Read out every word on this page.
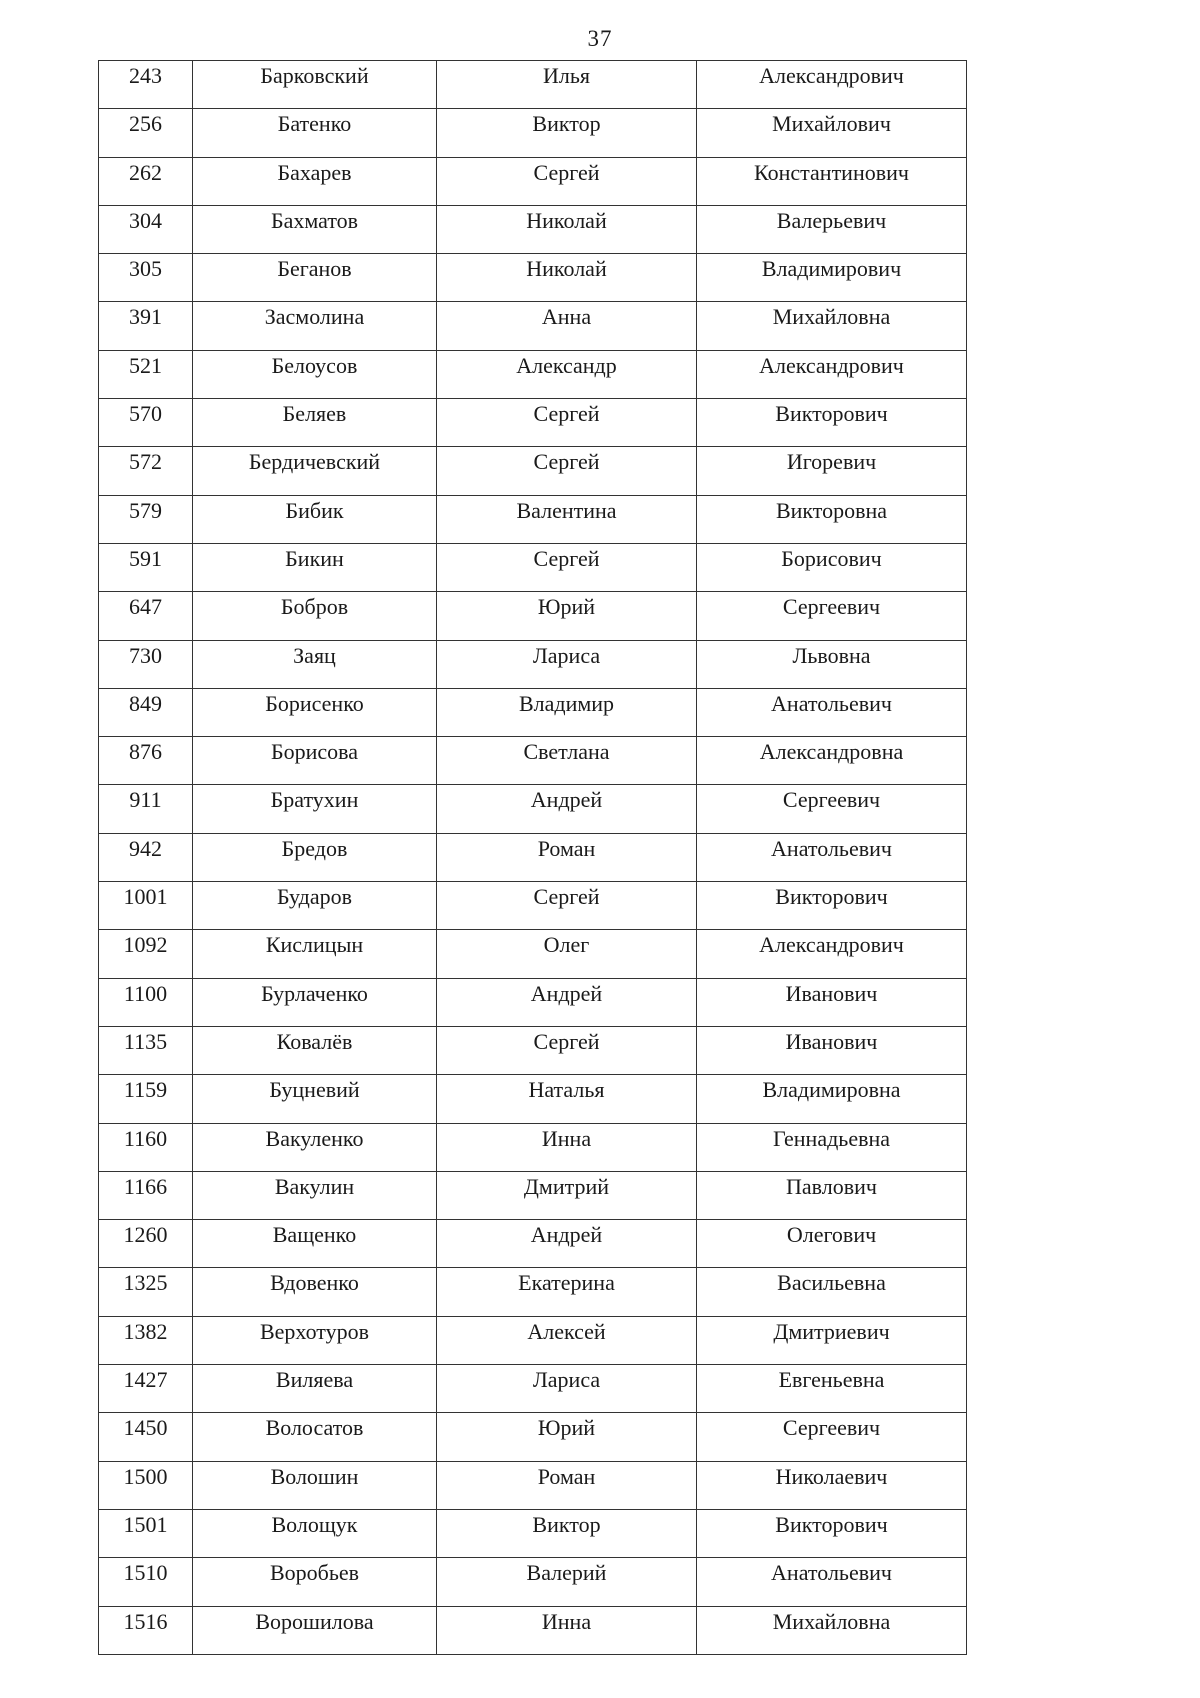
37
243	Барковский	Илья	Александрович
256	Батенко	Виктор	Михайлович
262	Бахарев	Сергей	Константинович
304	Бахматов	Николай	Валерьевич
305	Беганов	Николай	Владимирович
391	Засмолина	Анна	Михайловна
521	Белоусов	Александр	Александрович
570	Беляев	Сергей	Викторович
572	Бердичевский	Сергей	Игоревич
579	Бибик	Валентина	Викторовна
591	Бикин	Сергей	Борисович
647	Бобров	Юрий	Сергеевич
730	Заяц	Лариса	Львовна
849	Борисенко	Владимир	Анатольевич
876	Борисова	Светлана	Александровна
911	Братухин	Андрей	Сергеевич
942	Бредов	Роман	Анатольевич
1001	Бударов	Сергей	Викторович
1092	Кислицын	Олег	Александрович
1100	Бурлаченко	Андрей	Иванович
1135	Ковалёв	Сергей	Иванович
1159	Буцневий	Наталья	Владимировна
1160	Вакуленко	Инна	Геннадьевна
1166	Вакулин	Дмитрий	Павлович
1260	Ващенко	Андрей	Олегович
1325	Вдовенко	Екатерина	Васильевна
1382	Верхотуров	Алексей	Дмитриевич
1427	Виляева	Лариса	Евгеньевна
1450	Волосатов	Юрий	Сергеевич
1500	Волошин	Роман	Николаевич
1501	Волощук	Виктор	Викторович
1510	Воробьев	Валерий	Анатольевич
1516	Ворошилова	Инна	Михайловна
